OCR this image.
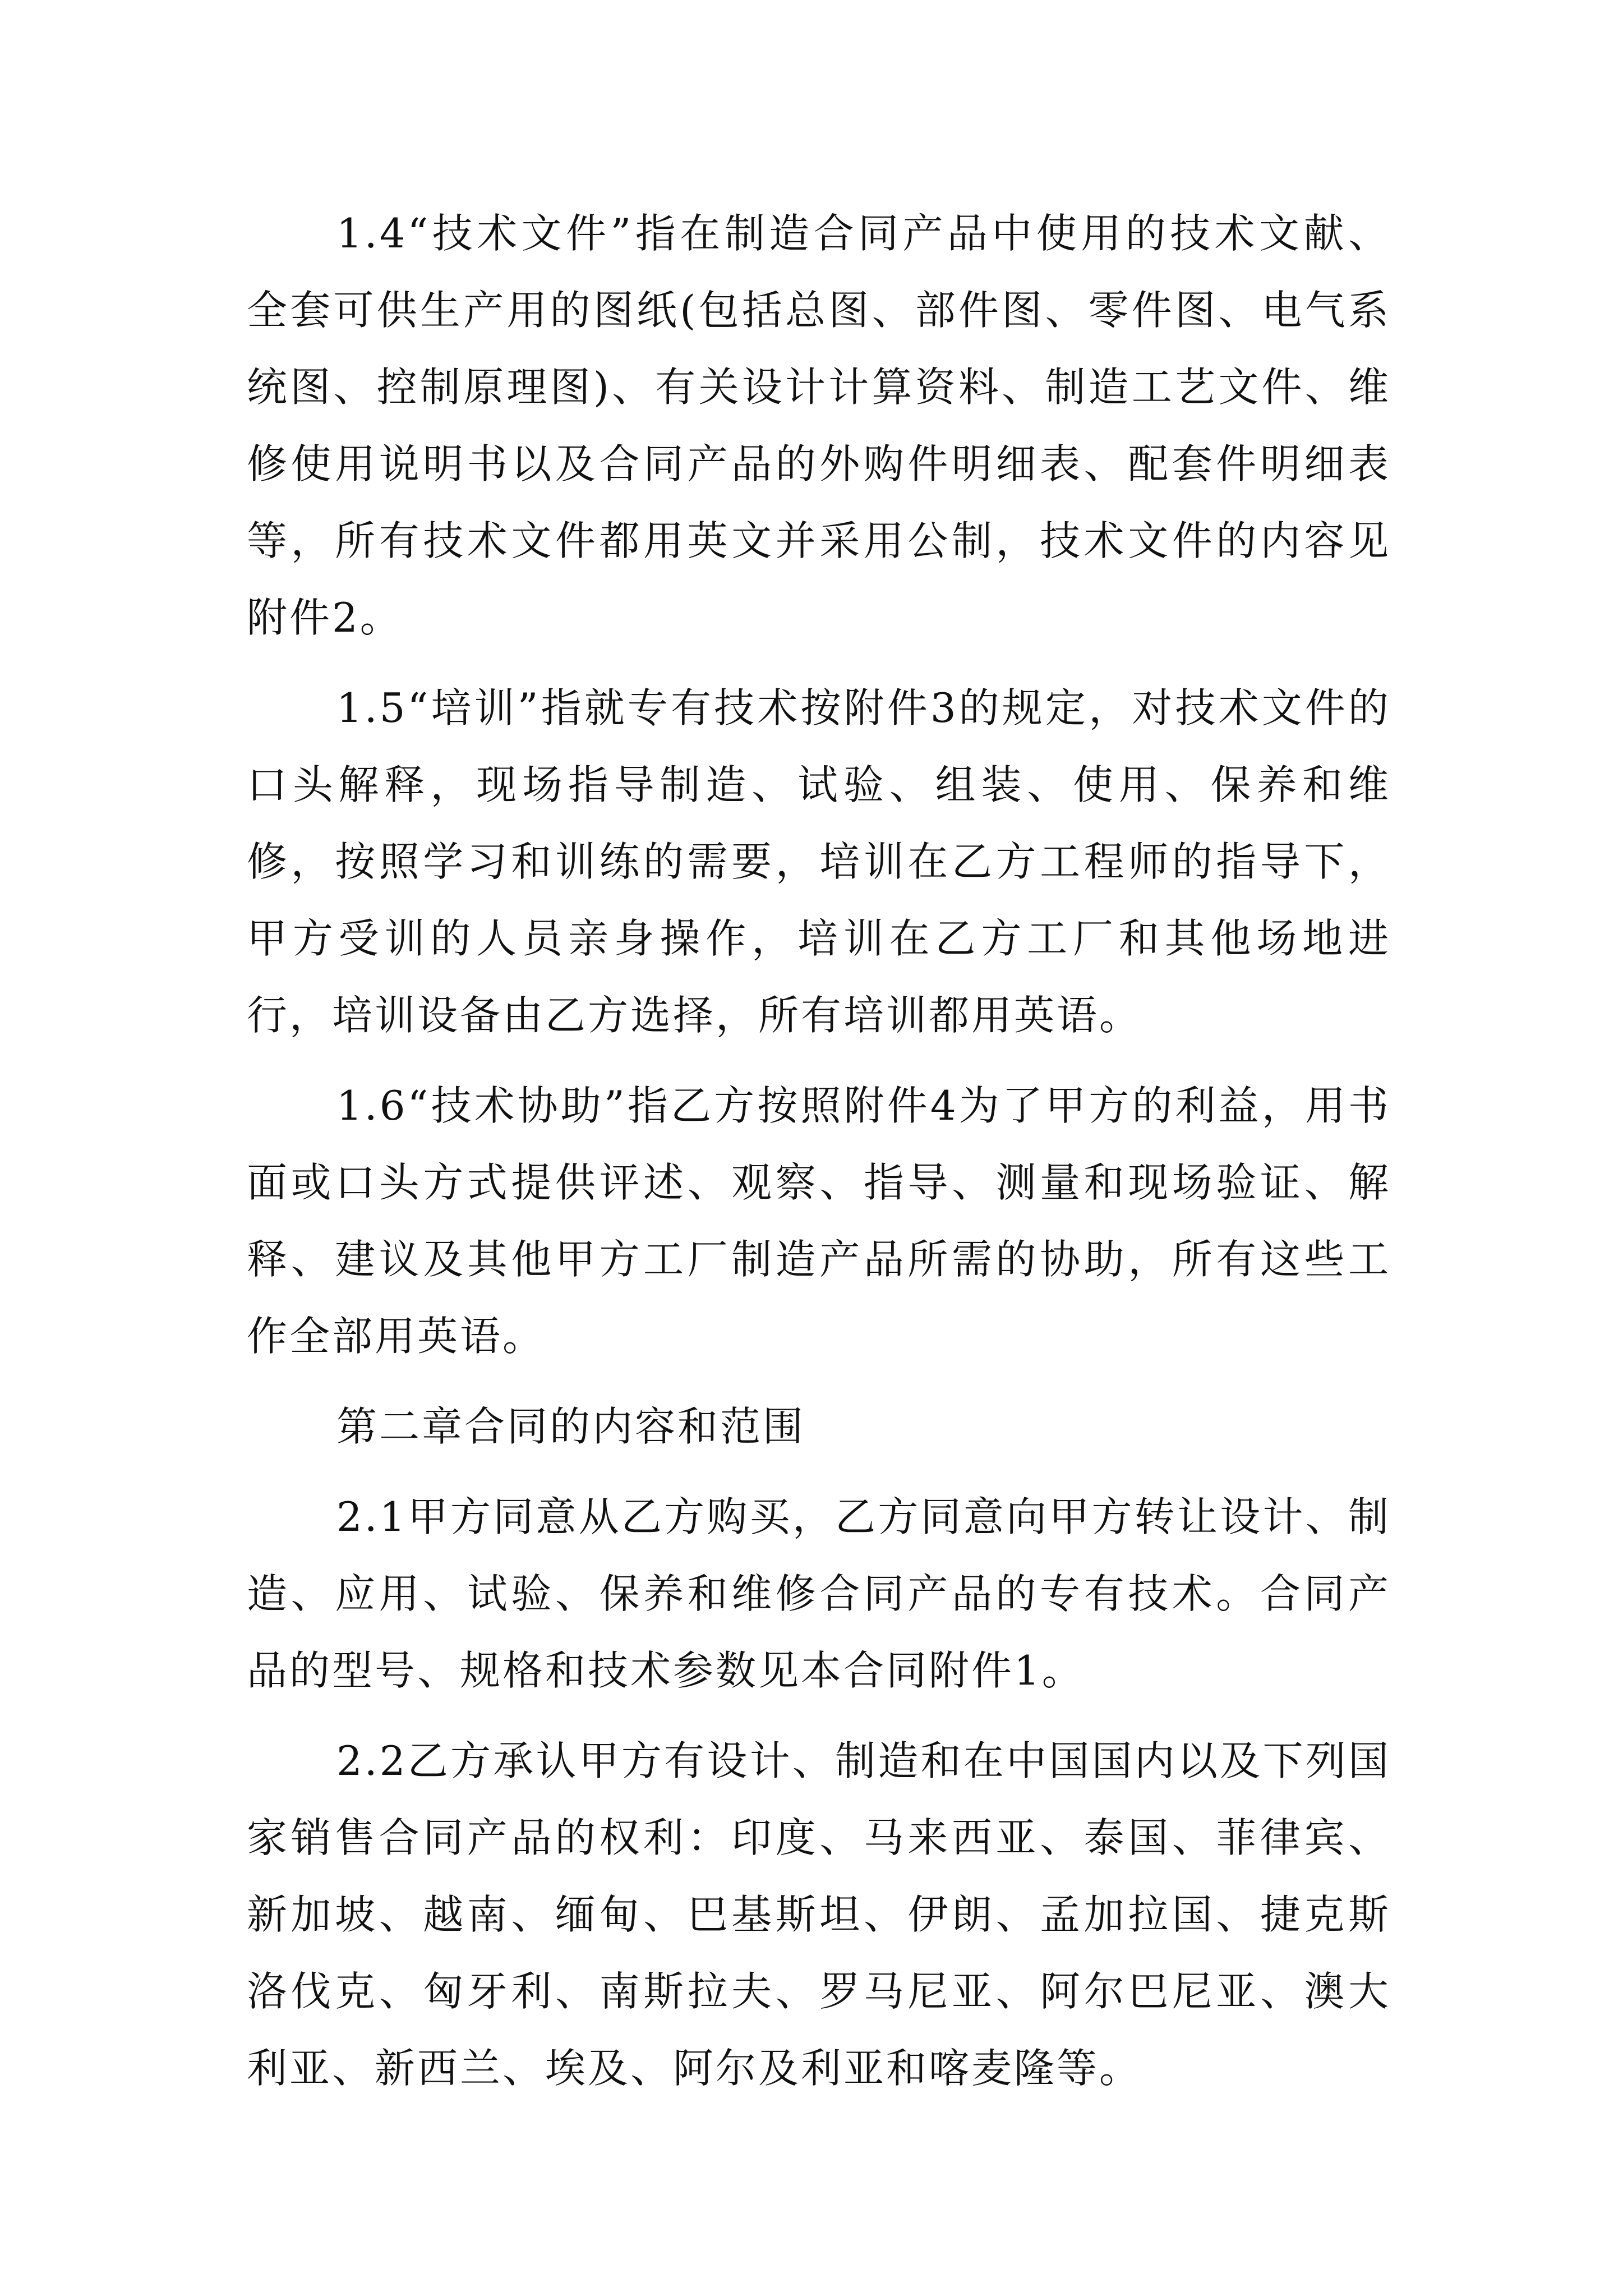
1.4“技术文件”指在制造合同产品中使用的技术文献、全套可供生产用的图纸(包括总图、部件图、零件图、电气系统图、控制原理图)、有关设计计算资料、制造工艺文件、维修使用说明书以及合同产品的外购件明细表、配套件明细表等，所有技术文件都用英文并采用公制，技术文件的内容见附件2。

1.5“培训”指就专有技术按附件3的规定，对技术文件的口头解释，现场指导制造、试验、组装、使用、保养和维修，按照学习和训练的需要，培训在乙方工程师的指导下，甲方受训的人员亲身操作，培训在乙方工厂和其他场地进行，培训设备由乙方选择，所有培训都用英语。

1.6“技术协助”指乙方按照附件4为了甲方的利益，用书面或口头方式提供评述、观察、指导、测量和现场验证、解释、建议及其他甲方工厂制造产品所需的协助，所有这些工作全部用英语。

第二章合同的内容和范围

2.1甲方同意从乙方购买，乙方同意向甲方转让设计、制造、应用、试验、保养和维修合同产品的专有技术。合同产品的型号、规格和技术参数见本合同附件1。

2.2乙方承认甲方有设计、制造和在中国国内以及下列国家销售合同产品的权利：印度、马来西亚、泰国、菲律宾、新加坡、越南、缅甸、巴基斯坦、伊朗、孟加拉国、捷克斯洛伐克、匈牙利、南斯拉夫、罗马尼亚、阿尔巴尼亚、澳大利亚、新西兰、埃及、阿尔及利亚和喀麦隆等。
